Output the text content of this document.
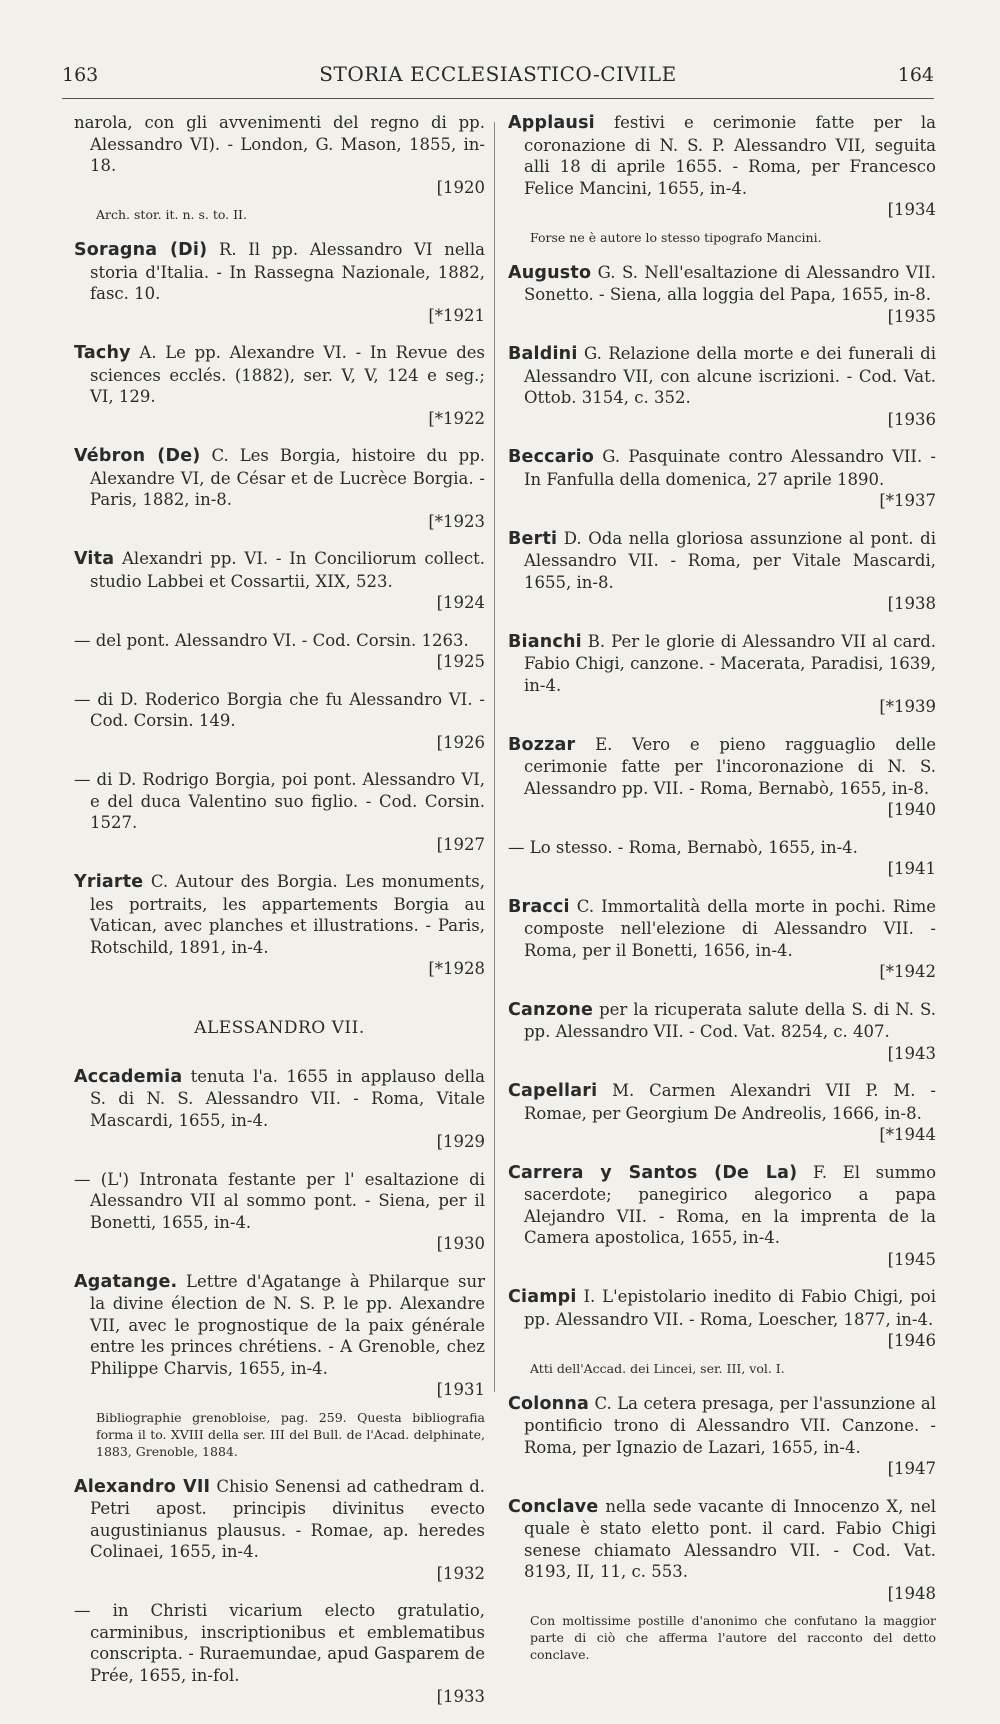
163	STORIA ECCLESIASTICO-CIVILE	164
narola, con gli avvenimenti del regno di pp. Alessandro VI). - London, G. Mason, 1855, in-18.
[1920
Arch. stor. it. n. s. to. II.
Soragna (Di) R. Il pp. Alessandro VI nella storia d'Italia. - In Rassegna Nazionale, 1882, fasc. 10.
[*1921
Tachy A. Le pp. Alexandre VI. - In Revue des sciences ecclés. (1882), ser. V, V, 124 e seg.; VI, 129.
[*1922
Vébron (De) C. Les Borgia, histoire du pp. Alexandre VI, de César et de Lucrèce Borgia. - Paris, 1882, in-8.
[*1923
Vita Alexandri pp. VI. - In Conciliorum collect. studio Labbei et Cossartii, XIX, 523.
[1924
— del pont. Alessandro VI. - Cod. Corsin. 1263.
[1925
— di D. Roderico Borgia che fu Alessandro VI. - Cod. Corsin. 149.
[1926
— di D. Rodrigo Borgia, poi pont. Alessandro VI, e del duca Valentino suo figlio. - Cod. Corsin. 1527.
[1927
Yriarte C. Autour des Borgia. Les monuments, les portraits, les appartements Borgia au Vatican, avec planches et illustrations. - Paris, Rotschild, 1891, in-4.
[*1928
ALESSANDRO VII.
Accademia tenuta l'a. 1655 in applauso della S. di N. S. Alessandro VII. - Roma, Vitale Mascardi, 1655, in-4.
[1929
— (L') Intronata festante per l' esaltazione di Alessandro VII al sommo pont. - Siena, per il Bonetti, 1655, in-4.
[1930
Agatange. Lettre d'Agatange à Philarque sur la divine élection de N. S. P. le pp. Alexandre VII, avec le prognostique de la paix générale entre les princes chrétiens. - A Grenoble, chez Philippe Charvis, 1655, in-4.
[1931
Bibliographie grenobloise, pag. 259. Questa bibliografia forma il to. XVIII della ser. III del Bull. de l'Acad. delphinate, 1883, Grenoble, 1884.
Alexandro VII Chisio Senensi ad cathedram d. Petri apost. principis divinitus evecto augustinianus plausus. - Romae, ap. heredes Colinaei, 1655, in-4.
[1932
— in Christi vicarium electo gratulatio, carminibus, inscriptionibus et emblematibus conscripta. - Ruraemundae, apud Gasparem de Prée, 1655, in-fol.
[1933
Applausi festivi e cerimonie fatte per la coronazione di N. S. P. Alessandro VII, seguita alli 18 di aprile 1655. - Roma, per Francesco Felice Mancini, 1655, in-4.
[1934
Forse ne è autore lo stesso tipografo Mancini.
Augusto G. S. Nell'esaltazione di Alessandro VII. Sonetto. - Siena, alla loggia del Papa, 1655, in-8.
[1935
Baldini G. Relazione della morte e dei funerali di Alessandro VII, con alcune iscrizioni. - Cod. Vat. Ottob. 3154, c. 352.
[1936
Beccario G. Pasquinate contro Alessandro VII. - In Fanfulla della domenica, 27 aprile 1890.
[*1937
Berti D. Oda nella gloriosa assunzione al pont. di Alessandro VII. - Roma, per Vitale Mascardi, 1655, in-8.
[1938
Bianchi B. Per le glorie di Alessandro VII al card. Fabio Chigi, canzone. - Macerata, Paradisi, 1639, in-4.
[*1939
Bozzar E. Vero e pieno ragguaglio delle cerimonie fatte per l'incoronazione di N. S. Alessandro pp. VII. - Roma, Bernabò, 1655, in-8.
[1940
— Lo stesso. - Roma, Bernabò, 1655, in-4.
[1941
Bracci C. Immortalità della morte in pochi. Rime composte nell'elezione di Alessandro VII. - Roma, per il Bonetti, 1656, in-4.
[*1942
Canzone per la ricuperata salute della S. di N. S. pp. Alessandro VII. - Cod. Vat. 8254, c. 407.
[1943
Capellari M. Carmen Alexandri VII P. M. - Romae, per Georgium De Andreolis, 1666, in-8.
[*1944
Carrera y Santos (De La) F. El summo sacerdote; panegirico alegorico a papa Alejandro VII. - Roma, en la imprenta de la Camera apostolica, 1655, in-4.
[1945
Ciampi I. L'epistolario inedito di Fabio Chigi, poi pp. Alessandro VII. - Roma, Loescher, 1877, in-4.
[1946
Atti dell'Accad. dei Lincei, ser. III, vol. I.
Colonna C. La cetera presaga, per l'assunzione al pontificio trono di Alessandro VII. Canzone. - Roma, per Ignazio de Lazari, 1655, in-4.
[1947
Conclave nella sede vacante di Innocenzo X, nel quale è stato eletto pont. il card. Fabio Chigi senese chiamato Alessandro VII. - Cod. Vat. 8193, II, 11, c. 553.
[1948
Con moltissime postille d'anonimo che confutano la maggior parte di ciò che afferma l'autore del racconto del detto conclave.
